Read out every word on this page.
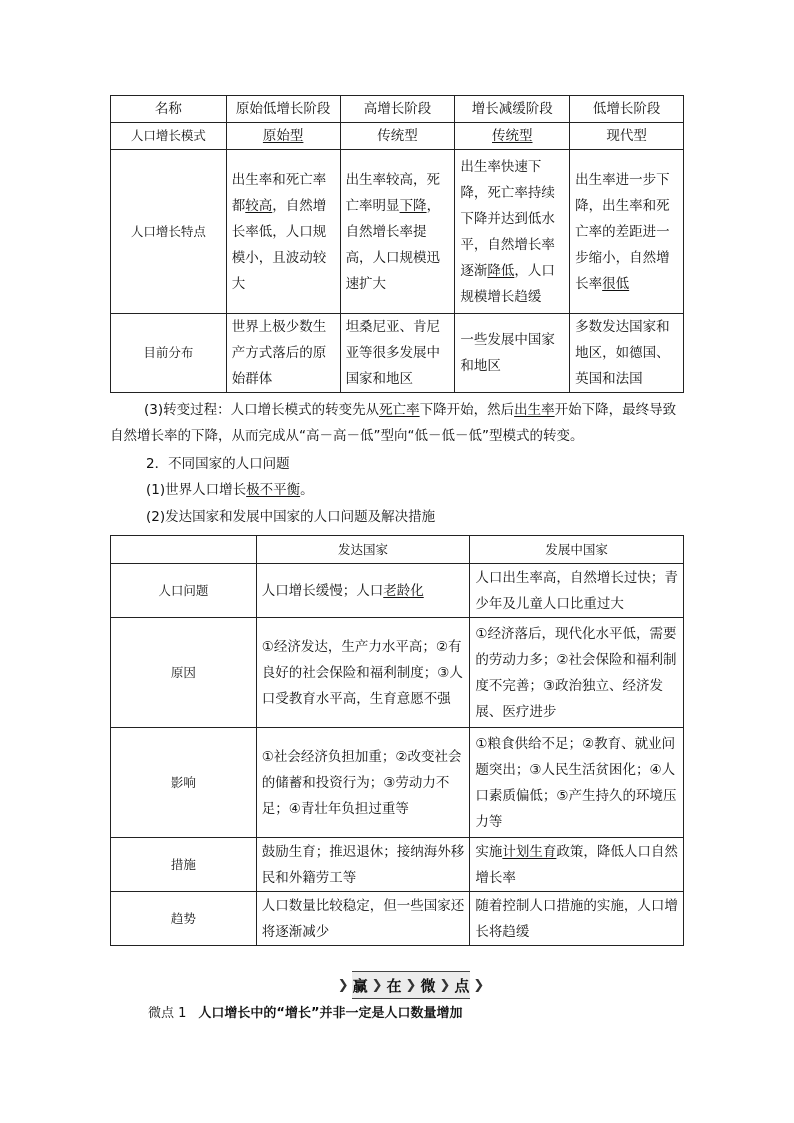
名称	原始低增长阶段	高增长阶段	增长减缓阶段	低增长阶段
人口增长模式	原始型	传统型	传统型	现代型
人口增长特点	出生率和死亡率都较高，自然增长率低，人口规模小，且波动较大	出生率较高，死亡率明显下降，自然增长率提高，人口规模迅速扩大	出生率快速下降，死亡率持续下降并达到低水平，自然增长率逐渐降低，人口规模增长趋缓	出生率进一步下降，出生率和死亡率的差距进一步缩小，自然增长率很低
目前分布	世界上极少数生产方式落后的原始群体	坦桑尼亚、肯尼亚等很多发展中国家和地区	一些发展中国家和地区	多数发达国家和地区，如德国、英国和法国
(3)转变过程：人口增长模式的转变先从死亡率下降开始，然后出生率开始下降，最终导致自然增长率的下降，从而完成从“高－高－低”型向“低－低－低”型模式的转变。
2．不同国家的人口问题
(1)世界人口增长极不平衡。
(2)发达国家和发展中国家的人口问题及解决措施
	发达国家	发展中国家
人口问题	人口增长缓慢；人口老龄化	人口出生率高，自然增长过快；青少年及儿童人口比重过大
原因	①经济发达，生产力水平高；②有良好的社会保险和福利制度；③人口受教育水平高，生育意愿不强	①经济落后，现代化水平低，需要的劳动力多；②社会保险和福利制度不完善；③政治独立、经济发展、医疗进步
影响	①社会经济负担加重；②改变社会的储蓄和投资行为；③劳动力不足；④青壮年负担过重等	①粮食供给不足；②教育、就业问题突出；③人民生活贫困化；④人口素质偏低；⑤产生持久的环境压力等
措施	鼓励生育；推迟退休；接纳海外移民和外籍劳工等	实施计划生育政策，降低人口自然增长率
趋势	人口数量比较稳定，但一些国家还将逐渐减少	随着控制人口措施的实施，人口增长将趋缓
❯ 赢 ❯ 在 ❯ 微 ❯ 点 ❯
微点 1 人口增长中的“增长”并非一定是人口数量增加
